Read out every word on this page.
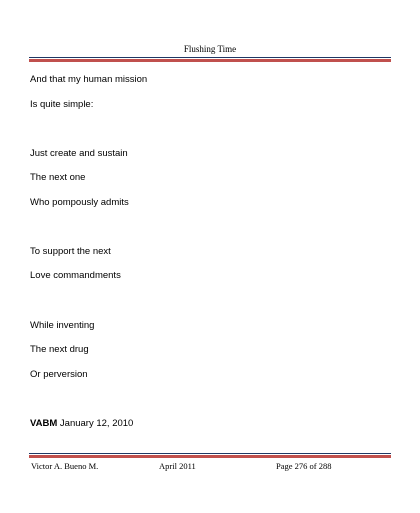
Flushing Time
And that my human mission
Is quite simple:
Just create and sustain
The next one
Who pompously admits
To support the next
Love commandments
While inventing
The next drug
Or perversion
VABM January 12, 2010
Victor A. Bueno M.	April 2011	Page 276 of 288
